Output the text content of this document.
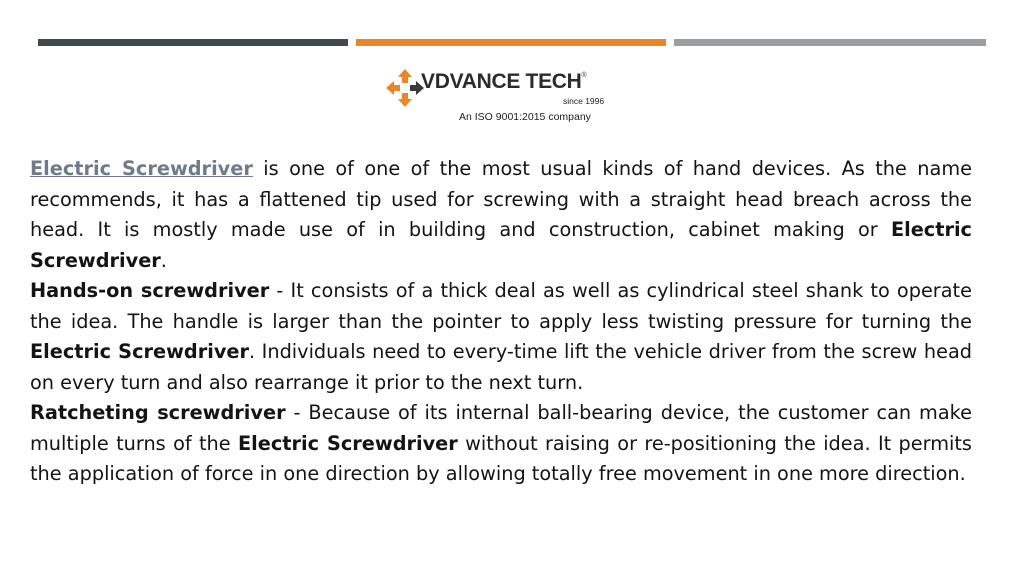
VDVANCE TECH®
since 1996
An ISO 9001:2015 company

Electric Screwdriver is one of one of the most usual kinds of hand devices. As the name recommends, it has a flattened tip used for screwing with a straight head breach across the head. It is mostly made use of in building and construction, cabinet making or Electric Screwdriver.

Hands-on screwdriver - It consists of a thick deal as well as cylindrical steel shank to operate the idea. The handle is larger than the pointer to apply less twisting pressure for turning the Electric Screwdriver. Individuals need to every-time lift the vehicle driver from the screw head on every turn and also rearrange it prior to the next turn.

Ratcheting screwdriver - Because of its internal ball-bearing device, the customer can make multiple turns of the Electric Screwdriver without raising or re-positioning the idea. It permits the application of force in one direction by allowing totally free movement in one more direction.
